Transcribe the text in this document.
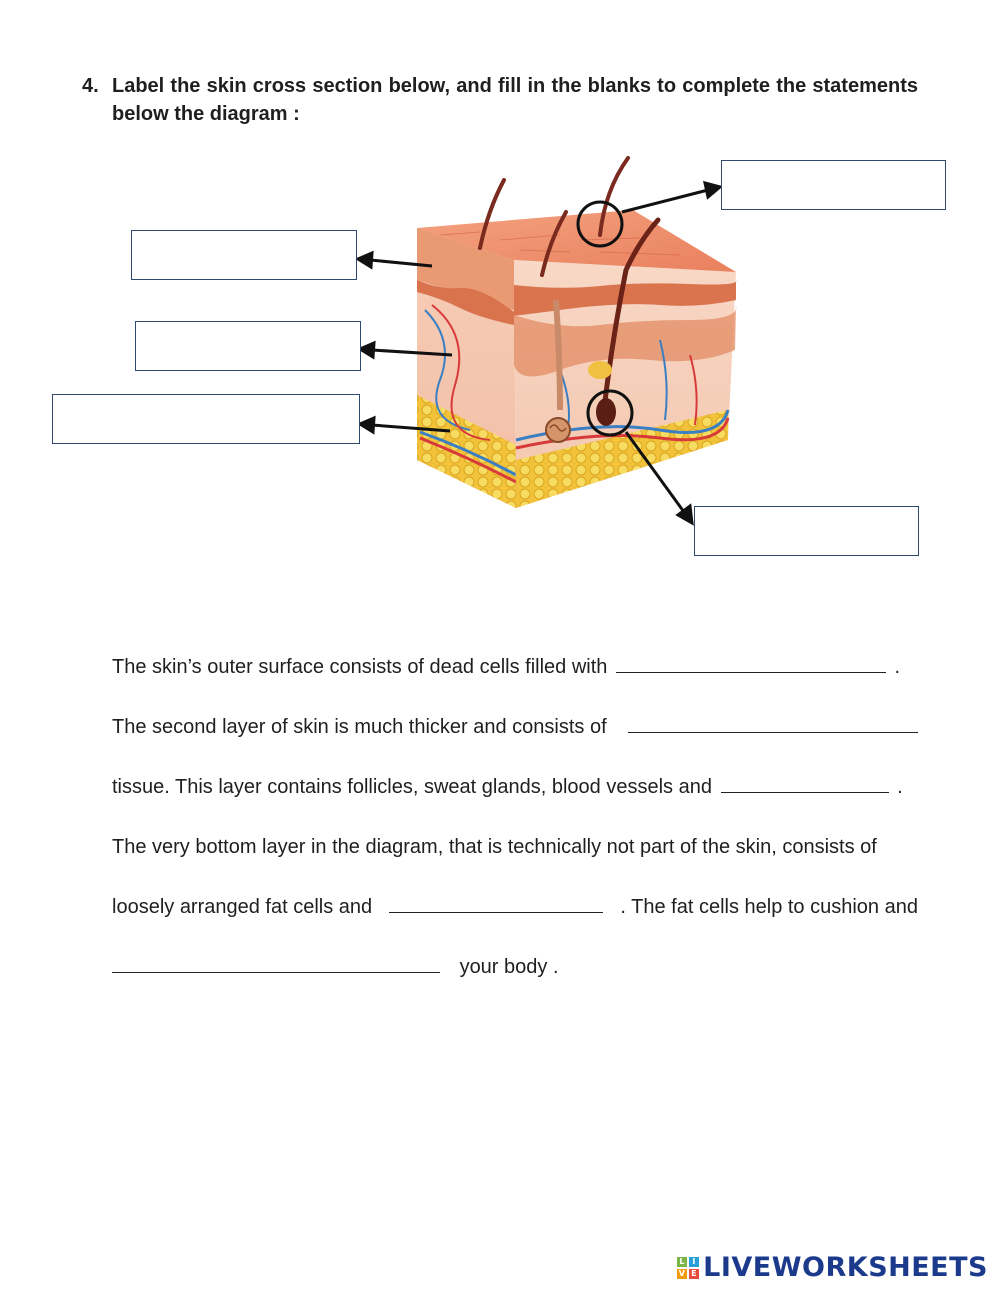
4. Label the skin cross section below, and fill in the blanks to complete the statements below the diagram :
The skin’s outer surface consists of dead cells filled with	.
The second layer of skin is much thicker and consists of
tissue. This layer contains follicles, sweat glands, blood vessels and	.
The very bottom layer in the diagram, that is technically not part of the skin, consists of
loosely arranged fat cells and	. The fat cells help to cushion and
your body .
L I
V E LIVEWORKSHEETS
